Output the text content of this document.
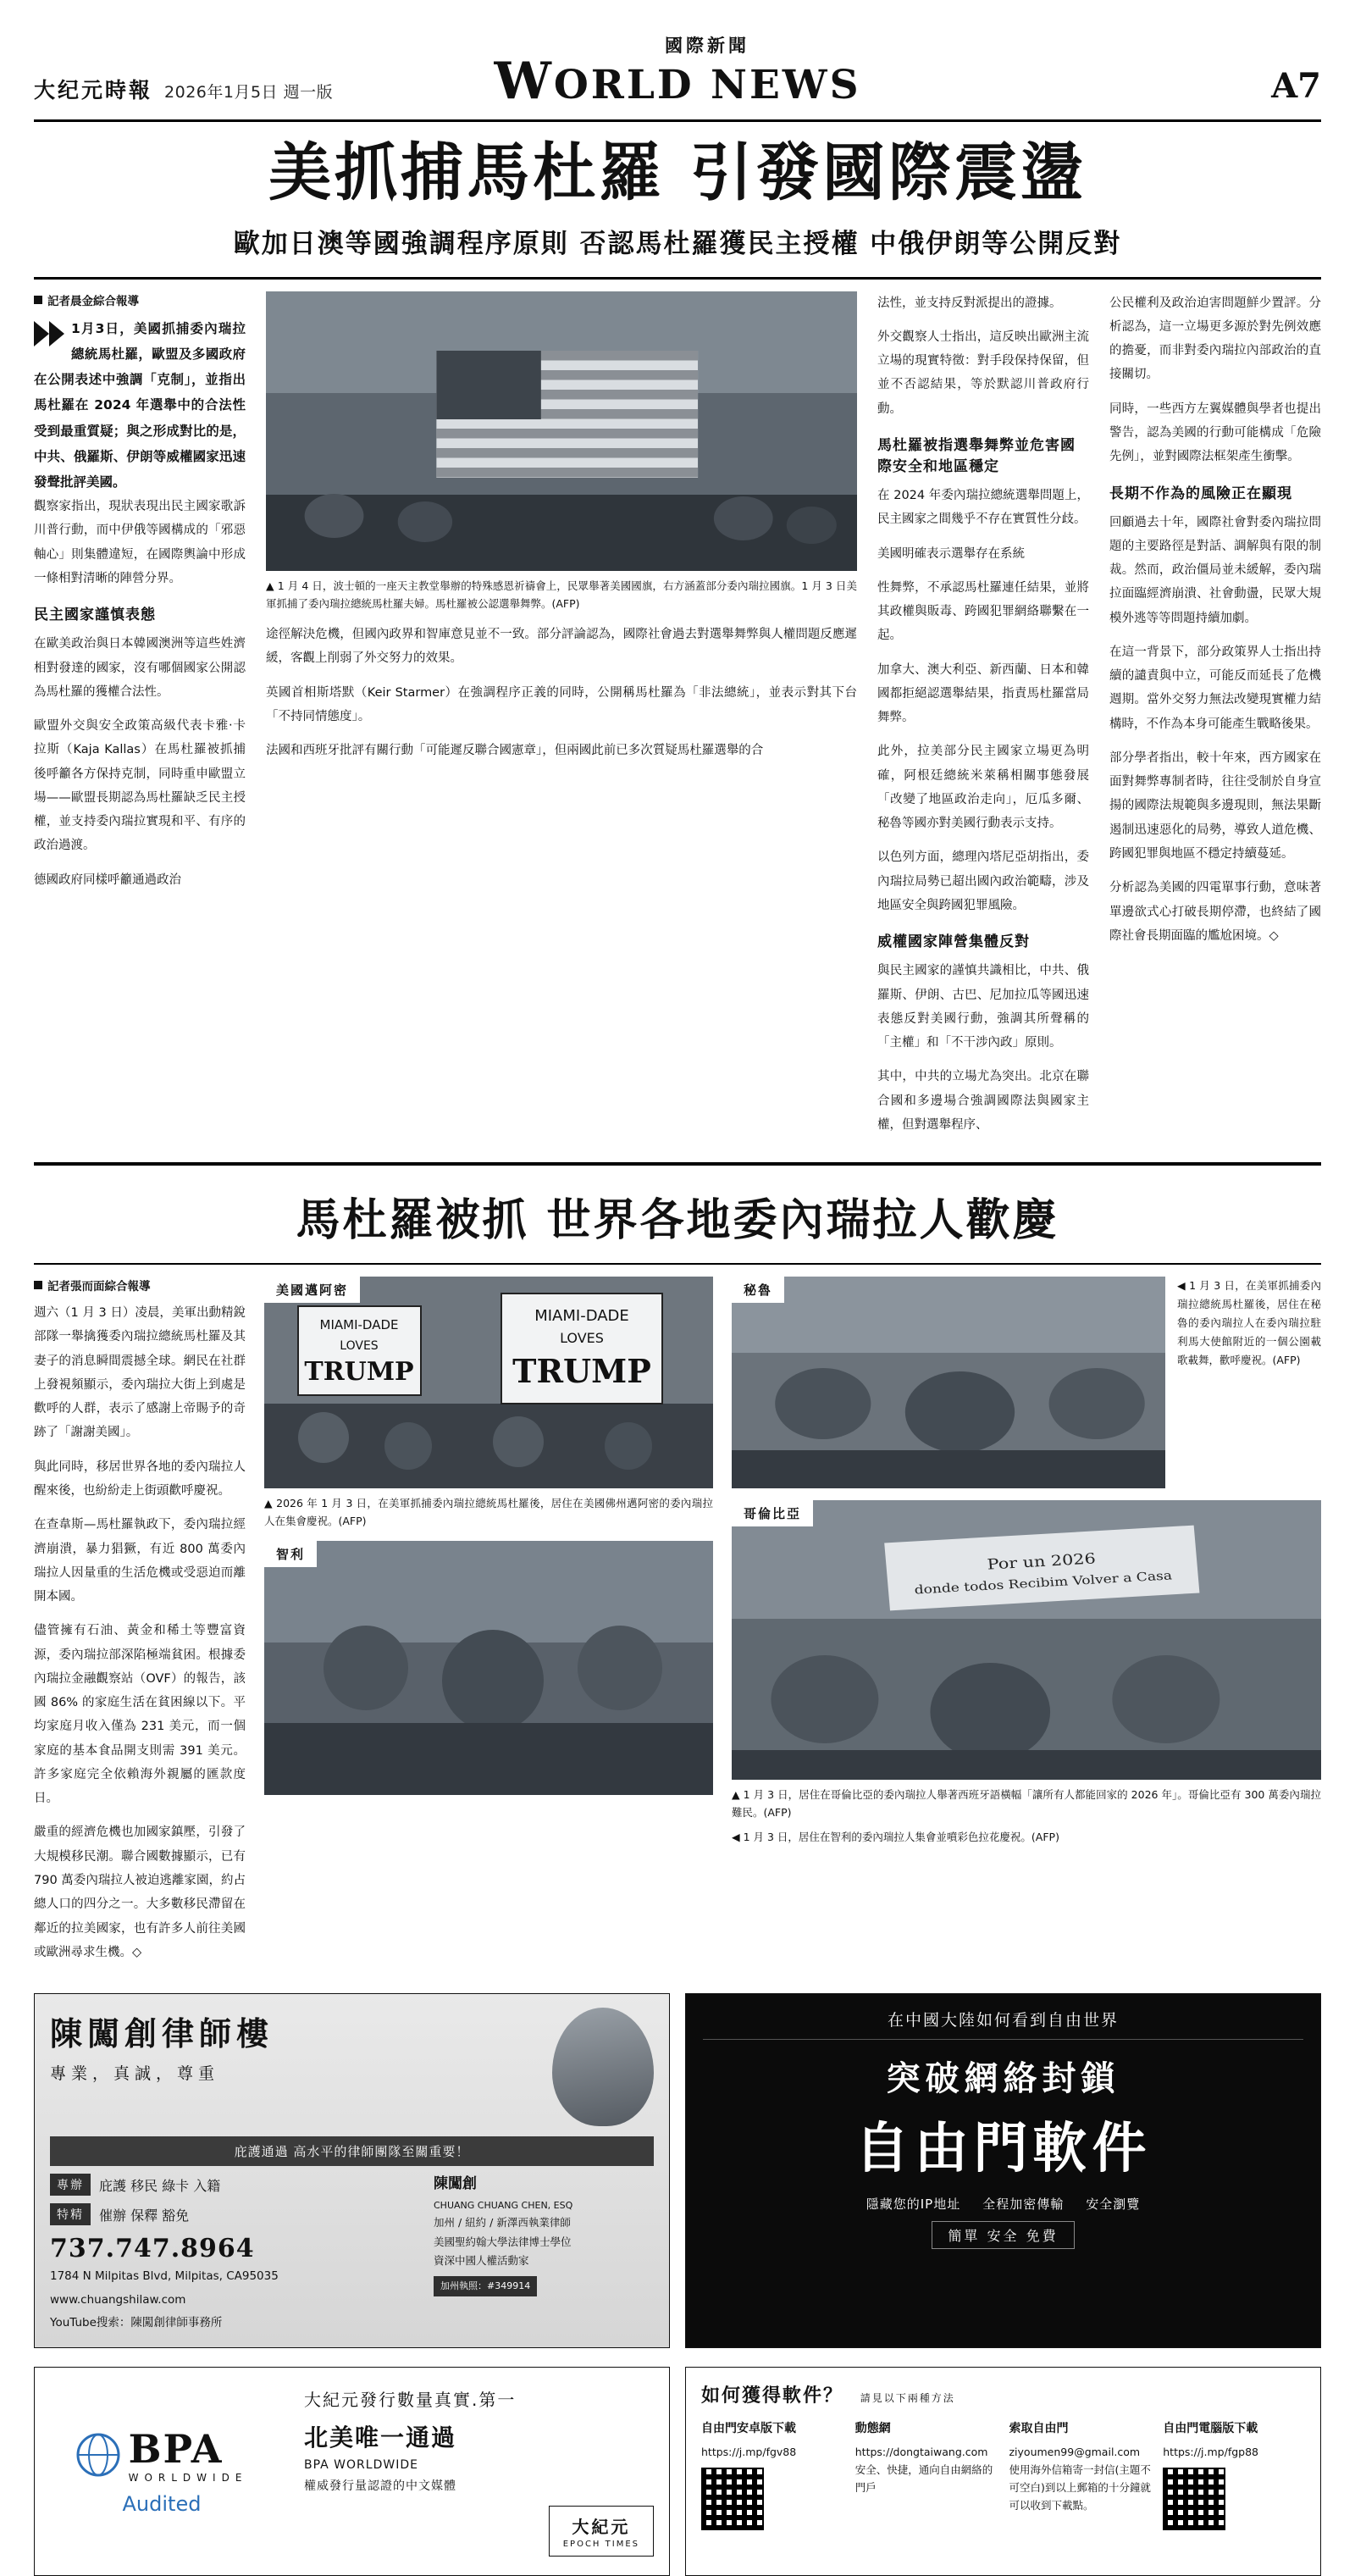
大纪元時報 2026年1月5日 週一版
國際新聞
WORLD NEWS	A7
美抓捕馬杜羅 引發國際震盪
歐加日澳等國強調程序原則 否認馬杜羅獲民主授權 中俄伊朗等公開反對
記者晨金綜合報導
1月3日，美國抓捕委內瑞拉總統馬杜羅，歐盟及多國政府在公開表述中強調「克制」，並指出馬杜羅在 2024 年選舉中的合法性受到最重質疑；與之形成對比的是，中共、俄羅斯、伊朗等威權國家迅速發聲批評美國。

觀察家指出，現狀表現出民主國家歌訴川普行動，而中伊俄等國構成的「邪惡軸心」則集體違短，在國際輿論中形成一條相對清晰的陣營分界。

民主國家謹慎表態

在歐美政治與日本韓國澳洲等這些姓濟相對發達的國家，沒有哪個國家公開認為馬杜羅的獲權合法性。

歐盟外交與安全政策高級代表卡雅‧卡拉斯（Kaja Kallas）在馬杜羅被抓捕後呼籲各方保持克制，同時重申歐盟立場——歐盟長期認為馬杜羅缺乏民主授權，並支持委內瑞拉實現和平、有序的政治過渡。

德國政府同樣呼籲通過政治

▲ 1 月 4 日，波士頓的一座天主教堂舉辦的特殊感恩祈禱會上，民眾舉著美國國旗，右方涵蓋部分委內瑞拉國旗。1 月 3 日美軍抓捕了委內瑞拉總統馬杜羅夫婦。馬杜羅被公認選舉舞弊。(AFP)

途徑解決危機，但國內政界和智庫意見並不一致。部分評論認為，國際社會過去對選舉舞弊與人權問題反應遲緩，客觀上削弱了外交努力的效果。

英國首相斯塔默（Keir Starmer）在強調程序正義的同時，公開稱馬杜羅為「非法總統」，並表示對其下台「不持同情態度」。

法國和西班牙批評有關行動「可能遲反聯合國憲章」，但兩國此前已多次質疑馬杜羅選舉的合

法性，並支持反對派提出的證據。

外交觀察人士指出，這反映出歐洲主流立場的現實特徵：對手段保持保留，但並不否認結果，等於默認川普政府行動。

馬杜羅被指選舉舞弊並危害國際安全和地區穩定

在 2024 年委內瑞拉總統選舉問題上，民主國家之間幾乎不存在實質性分歧。

美國明確表示選舉存在系統

性舞弊，不承認馬杜羅連任結果，並將其政權與販毒、跨國犯罪網絡聯繫在一起。

加拿大、澳大利亞、新西蘭、日本和韓國都拒絕認選舉結果，指責馬杜羅當局舞弊。

此外，拉美部分民主國家立場更為明確，阿根廷總統米萊稱相關事態發展「改變了地區政治走向」，厄瓜多爾、秘魯等國亦對美國行動表示支持。

以色列方面，總理內塔尼亞胡指出，委內瑞拉局勢已超出國內政治範疇，涉及地區安全與跨國犯罪風險。

威權國家陣營集體反對

與民主國家的謹慎共識相比，中共、俄羅斯、伊朗、古巴、尼加拉瓜等國迅速表態反對美國行動，強調其所聲稱的「主權」和「不干涉內政」原則。

其中，中共的立場尤為突出。北京在聯合國和多邊場合強調國際法與國家主權，但對選舉程序、

公民權利及政治迫害問題鮮少置評。分析認為，這一立場更多源於對先例效應的擔憂，而非對委內瑞拉內部政治的直接關切。

同時，一些西方左翼媒體與學者也提出警告，認為美國的行動可能構成「危險先例」，並對國際法框架產生衝擊。

長期不作為的風險正在顯現

回顧過去十年，國際社會對委內瑞拉問題的主要路徑是對話、調解與有限的制裁。然而，政治僵局並未緩解，委內瑞拉面臨經濟崩潰、社會動盪，民眾大規模外逃等等問題持續加劇。

在這一背景下，部分政策界人士指出持續的譴責與中立，可能反而延長了危機週期。當外交努力無法改變現實權力結構時，不作為本身可能產生戰略後果。

部分學者指出，較十年來，西方國家在面對舞弊專制者時，往往受制於自身宣揚的國際法規範與多邊現則，無法果斷遏制迅速惡化的局勢，導致人道危機、跨國犯罪與地區不穩定持續蔓延。

分析認為美國的四電單事行動，意味著單邊欲式心打破長期停滯，也終結了國際社會長期面臨的尷尬困境。◇

馬杜羅被抓 世界各地委內瑞拉人歡慶
記者張而面綜合報導

週六（1 月 3 日）凌晨，美軍出動精銳部隊一舉擒獲委內瑞拉總統馬杜羅及其妻子的消息瞬間震撼全球。網民在社群上發視頻顯示，委內瑞拉大街上到處是歡呼的人群，表示了感謝上帝賜予的奇跡了「謝謝美國」。

與此同時，移居世界各地的委內瑞拉人醒來後，也紛紛走上街頭歡呼慶祝。

在查韋斯—馬杜羅執政下，委內瑞拉經濟崩潰，暴力猖獗，有近 800 萬委內瑞拉人因量重的生活危機或受惡迫而離開本國。

儘管擁有石油、黃金和稀土等豐富資源，委內瑞拉部深陷極端貧困。根據委內瑞拉金融觀察站（OVF）的報告，該國 86% 的家庭生活在貧困線以下。平均家庭月收入僅為 231 美元，而一個家庭的基本食品開支則需 391 美元。許多家庭完全依賴海外親屬的匯款度日。

嚴重的經濟危機也加國家鎮壓，引發了大規模移民潮。聯合國數據顯示，已有 790 萬委內瑞拉人被迫逃離家園，約占總人口的四分之一。大多數移民滯留在鄰近的拉美國家，也有許多人前往美國或歐洲尋求生機。◇

美國邁阿密
MIAMI-DADE
LOVES
TRUMP
MIAMI-DADE
LOVES
TRUMP
▲ 2026 年 1 月 3 日，在美軍抓捕委內瑞拉總統馬杜羅後，居住在美國佛州邁阿密的委內瑞拉人在集會慶祝。(AFP)
智利
秘魯	◀ 1 月 3 日，在美軍抓捕委內瑞拉總統馬杜羅後，居住在秘魯的委內瑞拉人在委內瑞拉駐利馬大使館附近的一個公園載歌載舞，歡呼慶祝。(AFP)
哥倫比亞
Por un 2026
donde todos Recibim Volver a Casa
▲ 1 月 3 日，居住在哥倫比亞的委內瑞拉人舉著西班牙語橫幅「讓所有人都能回家的 2026 年」。哥倫比亞有 300 萬委內瑞拉難民。(AFP)
◀ 1 月 3 日，居住在智利的委內瑞拉人集會並噴彩色拉花慶祝。(AFP)
陳闖創律師樓
專業，真誠，尊重
庇護通過 高水平的律師團隊至關重要！
專辦	庇護 移民 綠卡 入籍
特精	催辦 保釋 豁免
737.747.8964
1784 N Milpitas Blvd, Milpitas, CA95035
www.chuangshilaw.com
YouTube搜索：陳闖創律師事務所
陳闖創
CHUANG CHUANG CHEN, ESQ
加州 / 紐約 / 新澤西執業律師
美國聖約翰大學法律博士學位
資深中國人權活動家
加州執照：#349914
在中國大陸如何看到自由世界
突破網絡封鎖
自由門軟件
隱藏您的IP地址 全程加密傳輸 安全瀏覽
簡單 安全 免費
BPA
WORLDWIDE
Audited
大紀元發行數量真實.第一
北美唯一通過
BPA WORLDWIDE
權威發行量認證的中文媒體
大紀元
EPOCH TIMES
如何獲得軟件？ 請見以下兩種方法
自由門安卓版下載
https://j.mp/fgv88
動態網
https://dongtaiwang.com
安全、快捷，通向自由網絡的門戶
索取自由門
ziyoumen99@gmail.com
使用海外信箱寄一封信(主題不可空白)到以上郵箱的十分鐘就可以收到下載點。
自由門電腦版下載
https://j.mp/fgp88
